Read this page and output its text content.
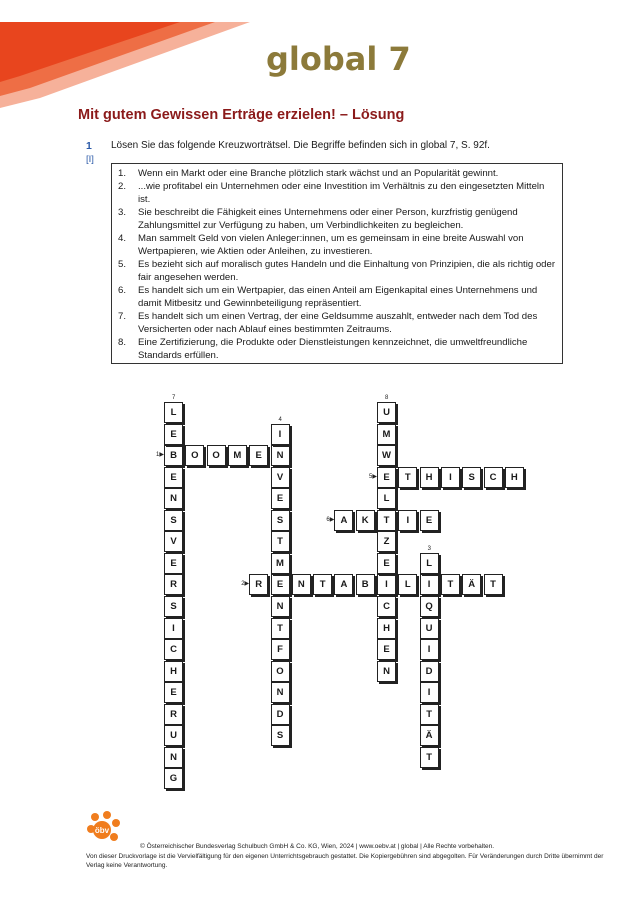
global 7
Mit gutem Gewissen Erträge erzielen! – Lösung
1
[I]
Lösen Sie das folgende Kreuzworträtsel. Die Begriffe befinden sich in global 7, S. 92f.
1.	Wenn ein Markt oder eine Branche plötzlich stark wächst und an Popularität gewinnt.
2.	...wie profitabel ein Unternehmen oder eine Investition im Verhältnis zu den eingesetzten Mitteln ist.
3.	Sie beschreibt die Fähigkeit eines Unternehmens oder einer Person, kurzfristig genügend Zahlungsmittel zur Verfügung zu haben, um Verbindlichkeiten zu begleichen.
4.	Man sammelt Geld von vielen Anleger:innen, um es gemeinsam in eine breite Auswahl von Wertpapieren, wie Aktien oder Anleihen, zu investieren.
5.	Es bezieht sich auf moralisch gutes Handeln und die Einhaltung von Prinzipien, die als richtig oder fair angesehen werden.
6.	Es handelt sich um ein Wertpapier, das einen Anteil am Eigenkapital eines Unternehmens und damit Mitbesitz und Gewinnbeteiligung repräsentiert.
7.	Es handelt sich um einen Vertrag, der eine Geldsumme auszahlt, entweder nach dem Tod des Versicherten oder nach Ablauf eines bestimmten Zeitraums.
8.	Eine Zertifizierung, die Produkte oder Dienstleistungen kennzeichnet, die umweltfreundliche Standards erfüllen.
B	O	O	M	E	N
R	E	N	T	A	B	I	L	I	T	Ä	T
L
Q
U
I
D
I
T
Ä
T
I
V
E
S
T
M
N
T
F
O
N
D
S
E	T	H	I	S	C	H
A	K	T	I	E
L
E
E
N
S
V
E
R
S
I
C
H
E
R
U
N
G
U
M
W
L
Z
E
C
H
E
N
1▶
2▶
3
4
5▶
6▶
7	8
öbv
© Österreichischer Bundesverlag Schulbuch GmbH & Co. KG, Wien, 2024 | www.oebv.at | global | Alle Rechte vorbehalten.
Von dieser Druckvorlage ist die Vervielfältigung für den eigenen Unterrichtsgebrauch gestattet. Die Kopiergebühren sind abgegolten. Für Veränderungen durch Dritte übernimmt der
Verlag keine Verantwortung.
